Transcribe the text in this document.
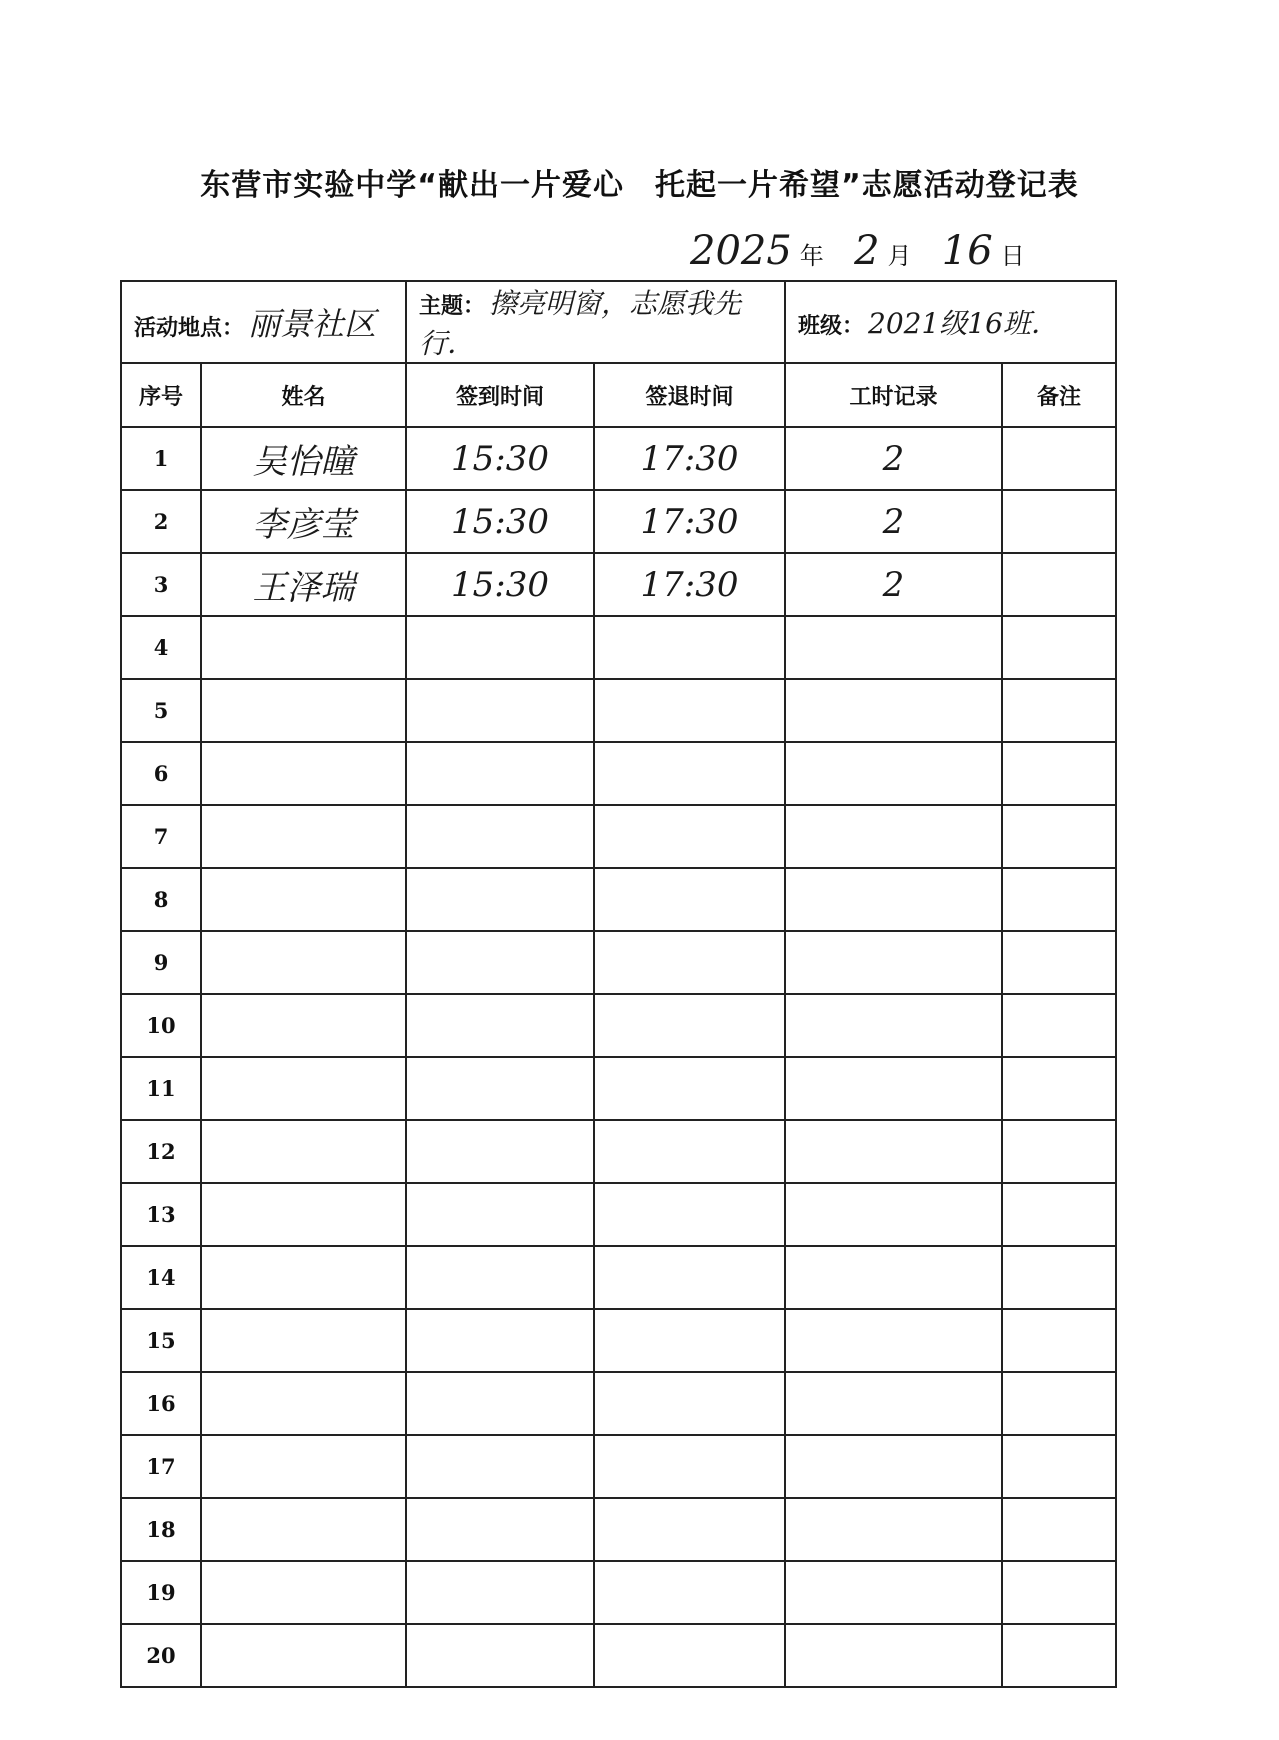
东营市实验中学“献出一片爱心　托起一片希望”志愿活动登记表
2025 年 2 月 16 日
活动地点： 丽景社区		主题： 擦亮明窗，志愿我先行．		班级： 2021级16班．	
序号	姓名	签到时间	签退时间	工时记录	备注
1	吴怡瞳	15:30	17:30	2	
2	李彦莹	15:30	17:30	2	
3	王泽瑞	15:30	17:30	2	
4					
5					
6					
7					
8					
9					
10					
11					
12					
13					
14					
15					
16					
17					
18					
19					
20					
